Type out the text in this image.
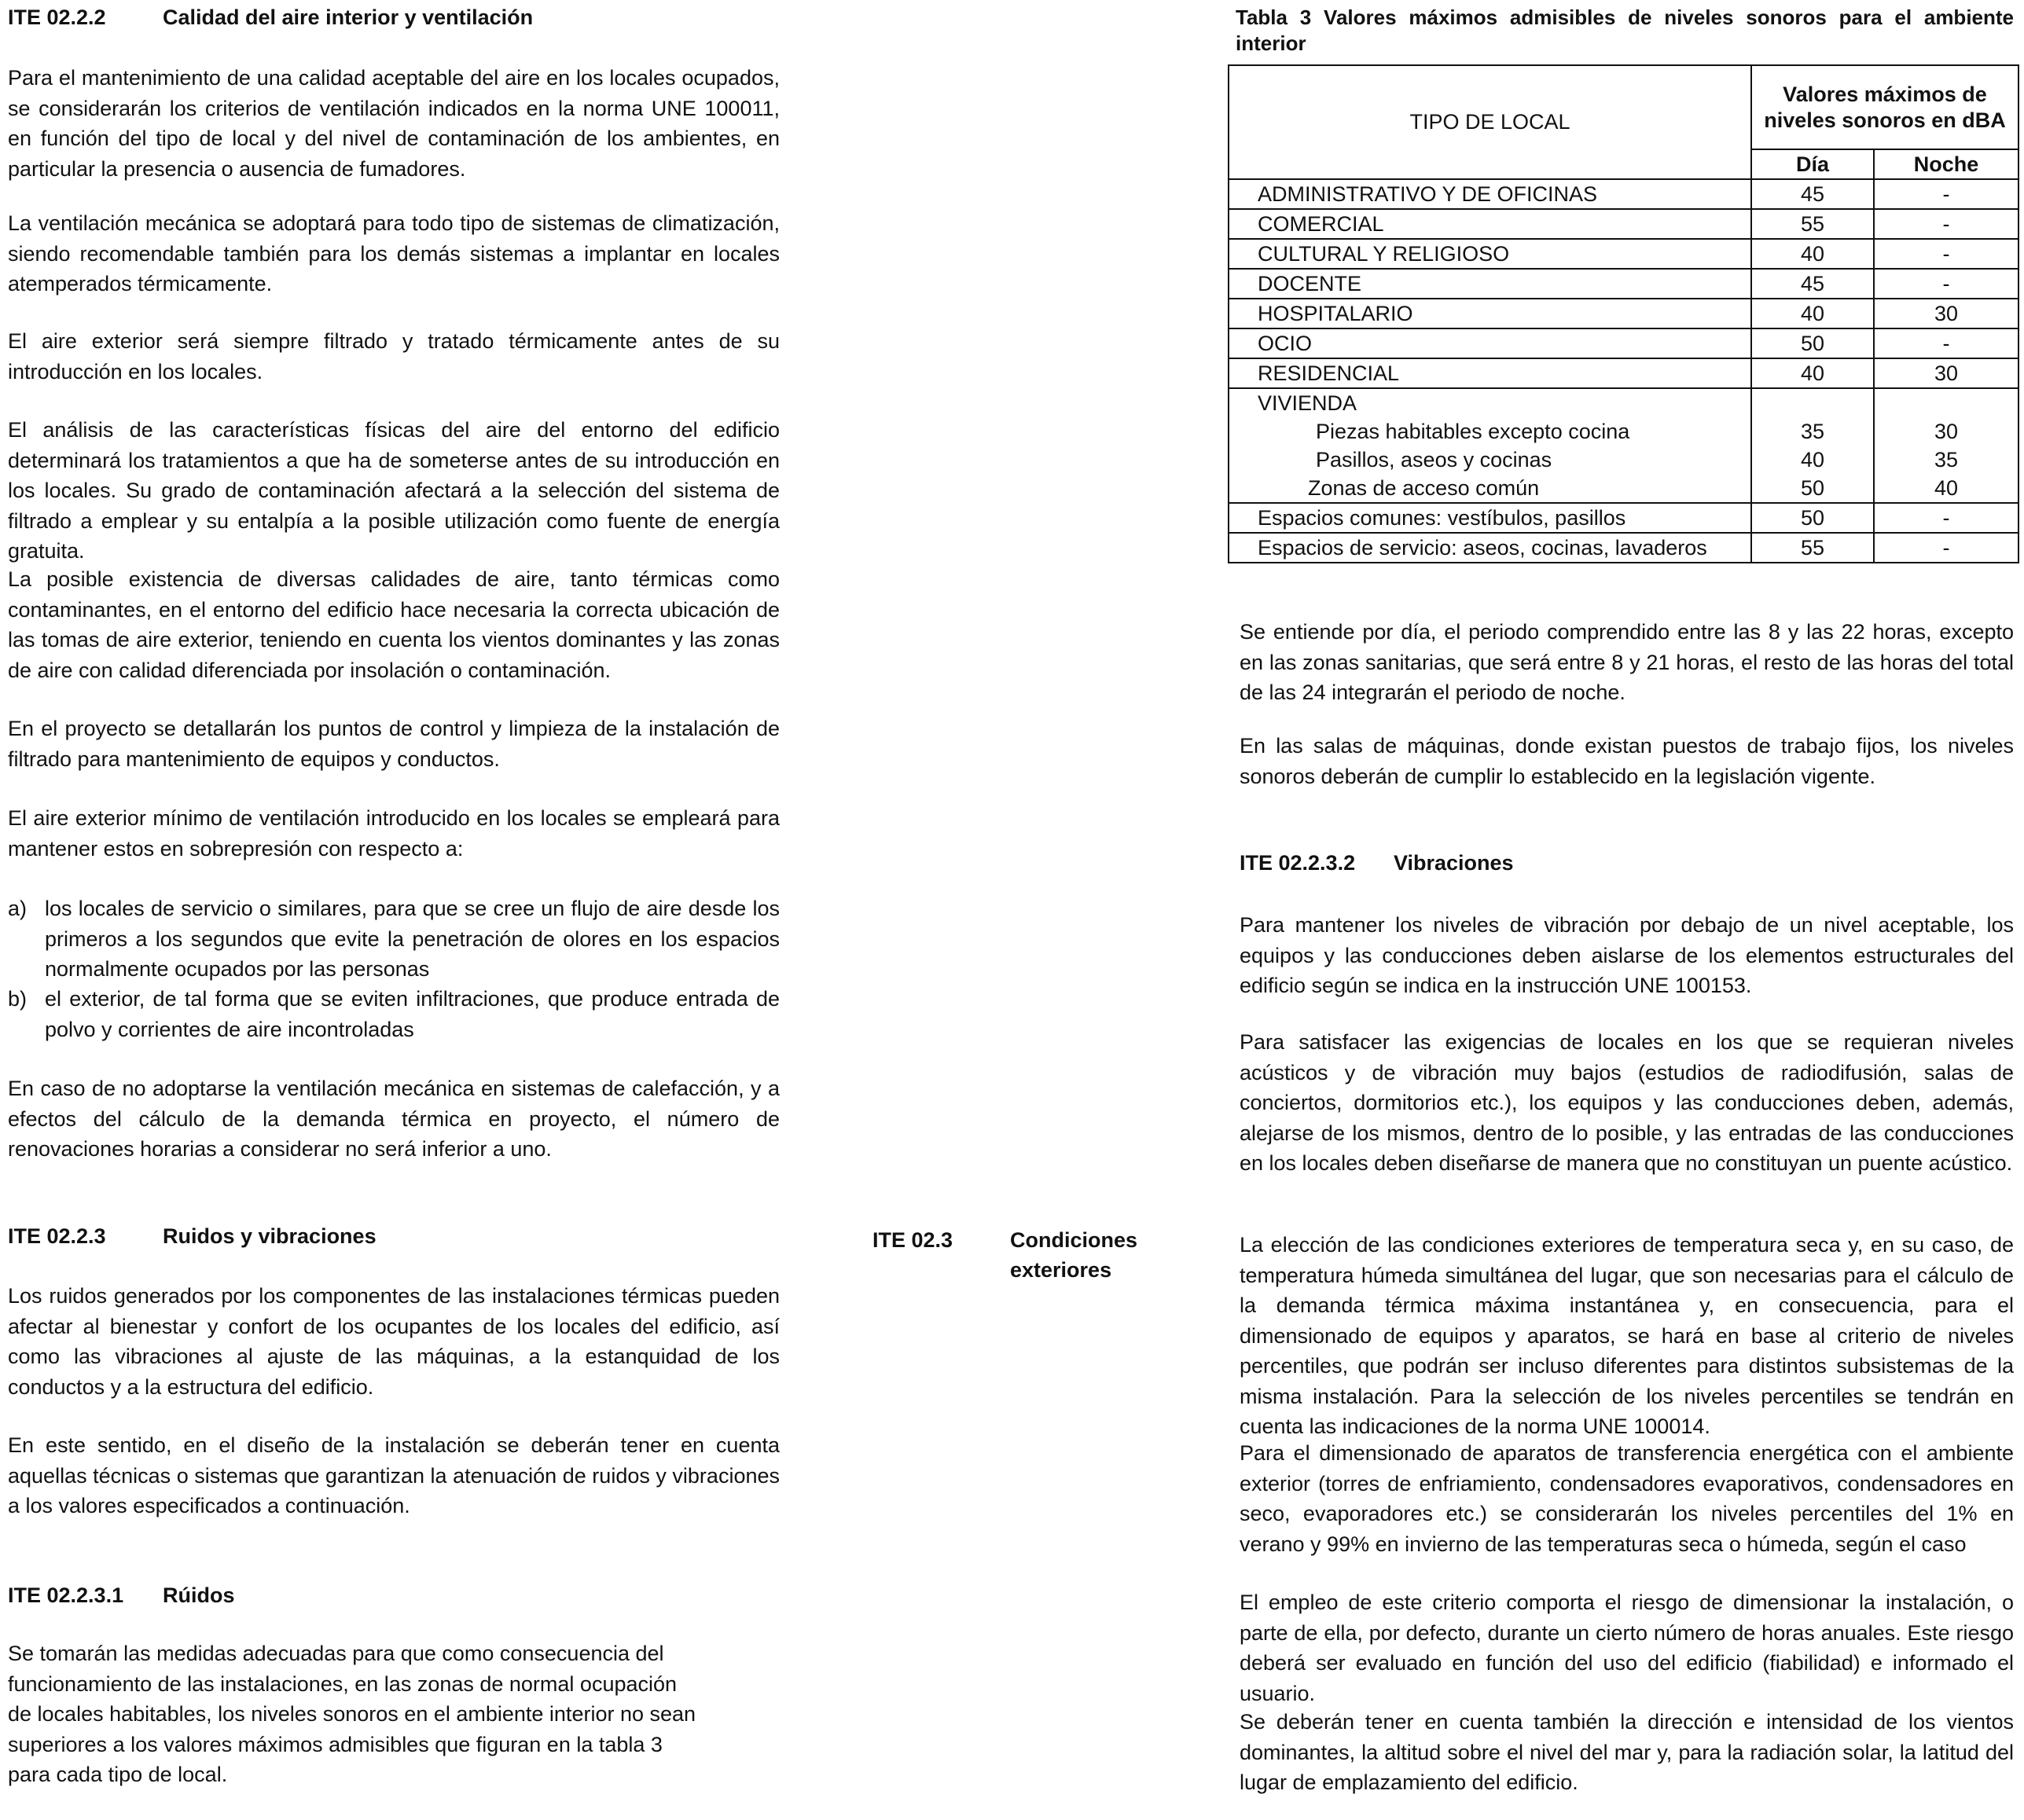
ITE 02.2.2	Calidad del aire interior y ventilación

Para el mantenimiento de una calidad aceptable del aire en los locales ocupados, se considerarán los criterios de ventilación indicados en la norma UNE 100011, en función del tipo de local y del nivel de contaminación de los ambientes, en particular la presencia o ausencia de fumadores.

La ventilación mecánica se adoptará para todo tipo de sistemas de climatización, siendo recomendable también para los demás sistemas a implantar en locales atemperados térmicamente.

El aire exterior será siempre filtrado y tratado térmicamente antes de su introducción en los locales.

El análisis de las características físicas del aire del entorno del edificio determinará los tratamientos a que ha de someterse antes de su introducción en los locales. Su grado de contaminación afectará a la selección del sistema de filtrado a emplear y su entalpía a la posible utilización como fuente de energía gratuita.

La posible existencia de diversas calidades de aire, tanto térmicas como contaminantes, en el entorno del edificio hace necesaria la correcta ubicación de las tomas de aire exterior, teniendo en cuenta los vientos dominantes y las zonas de aire con calidad diferenciada por insolación o contaminación.

En el proyecto se detallarán los puntos de control y limpieza de la instalación de filtrado para mantenimiento de equipos y conductos.

El aire exterior mínimo de ventilación introducido en los locales se empleará para mantener estos en sobrepresión con respecto a:

a) los locales de servicio o similares, para que se cree un flujo de aire desde los primeros a los segundos que evite la penetración de olores en los espacios normalmente ocupados por las personas
b) el exterior, de tal forma que se eviten infiltraciones, que produce entrada de polvo y corrientes de aire incontroladas

En caso de no adoptarse la ventilación mecánica en sistemas de calefacción, y a efectos del cálculo de la demanda térmica en proyecto, el número de renovaciones horarias a considerar no será inferior a uno.

ITE 02.2.3	Ruidos y vibraciones

Los ruidos generados por los componentes de las instalaciones térmicas pueden afectar al bienestar y confort de los ocupantes de los locales del edificio, así como las vibraciones al ajuste de las máquinas, a la estanquidad de los conductos y a la estructura del edificio.

En este sentido, en el diseño de la instalación se deberán tener en cuenta aquellas técnicas o sistemas que garantizan la atenuación de ruidos y vibraciones a los valores especificados a continuación.

ITE 02.2.3.1 Rúidos
Se tomarán las medidas adecuadas para que como consecuencia del
funcionamiento de las instalaciones, en las zonas de normal ocupación
de locales habitables, los niveles sonoros en el ambiente interior no sean
superiores a los valores máximos admisibles que figuran en la tabla 3
para cada tipo de local.
ITE 02.3	Condiciones
exteriores
Tabla 3 Valores máximos admisibles de niveles sonoros para el ambiente interior
TIPO DE LOCAL	Valores máximos de niveles sonoros en dBA	
	Día	Noche
ADMINISTRATIVO Y DE OFICINAS	45	-
COMERCIAL	55	-
CULTURAL Y RELIGIOSO	40	-
DOCENTE	45	-
HOSPITALARIO	40	30
OCIO	50	-
RESIDENCIAL	40	30
VIVIENDA		
Piezas habitables excepto cocina	35	30
Pasillos, aseos y cocinas	40	35
Zonas de acceso común	50	40
Espacios comunes: vestíbulos, pasillos	50	-
Espacios de servicio: aseos, cocinas, lavaderos	55	-

Se entiende por día, el periodo comprendido entre las 8 y las 22 horas, excepto en las zonas sanitarias, que será entre 8 y 21 horas, el resto de las horas del total de las 24 integrarán el periodo de noche.

En las salas de máquinas, donde existan puestos de trabajo fijos, los niveles sonoros deberán de cumplir lo establecido en la legislación vigente.

ITE 02.2.3.2 Vibraciones

Para mantener los niveles de vibración por debajo de un nivel aceptable, los equipos y las conducciones deben aislarse de los elementos estructurales del edificio según se indica en la instrucción UNE 100153.

Para satisfacer las exigencias de locales en los que se requieran niveles acústicos y de vibración muy bajos (estudios de radiodifusión, salas de conciertos, dormitorios etc.), los equipos y las conducciones deben, además, alejarse de los mismos, dentro de lo posible, y las entradas de las conducciones en los locales deben diseñarse de manera que no constituyan un puente acústico.

La elección de las condiciones exteriores de temperatura seca y, en su caso, de temperatura húmeda simultánea del lugar, que son necesarias para el cálculo de la demanda térmica máxima instantánea y, en consecuencia, para el dimensionado de equipos y aparatos, se hará en base al criterio de niveles percentiles, que podrán ser incluso diferentes para distintos subsistemas de la misma instalación. Para la selección de los niveles percentiles se tendrán en cuenta las indicaciones de la norma UNE 100014.

Para el dimensionado de aparatos de transferencia energética con el ambiente exterior (torres de enfriamiento, condensadores evaporativos, condensadores en seco, evaporadores etc.) se considerarán los niveles percentiles del 1% en verano y 99% en invierno de las temperaturas seca o húmeda, según el caso

El empleo de este criterio comporta el riesgo de dimensionar la instalación, o parte de ella, por defecto, durante un cierto número de horas anuales. Este riesgo deberá ser evaluado en función del uso del edificio (fiabilidad) e informado el usuario.

Se deberán tener en cuenta también la dirección e intensidad de los vientos dominantes, la altitud sobre el nivel del mar y, para la radiación solar, la latitud del lugar de emplazamiento del edificio.
